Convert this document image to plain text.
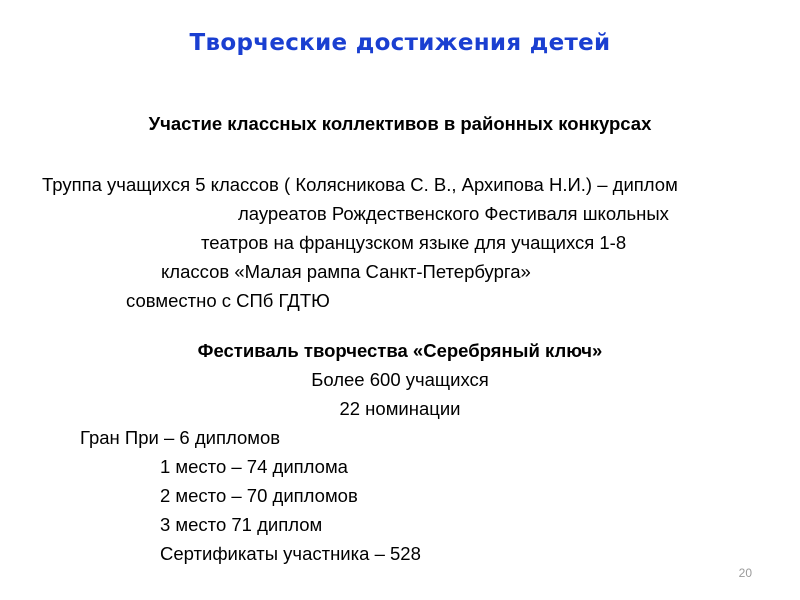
Творческие достижения детей
Участие классных коллективов в районных конкурсах
Труппа учащихся 5 классов ( Колясникова С. В., Архипова Н.И.) – диплом
лауреатов Рождественского Фестиваля школьных
театров на французском языке для учащихся 1-8
классов «Малая рампа Санкт-Петербурга»
совместно с СПб ГДТЮ
Фестиваль творчества «Серебряный ключ»
Более 600 учащихся
22 номинации
Гран При – 6 дипломов
1 место – 74 диплома
2 место – 70 дипломов
3 место 71 диплом
Сертификаты участника – 528
20
